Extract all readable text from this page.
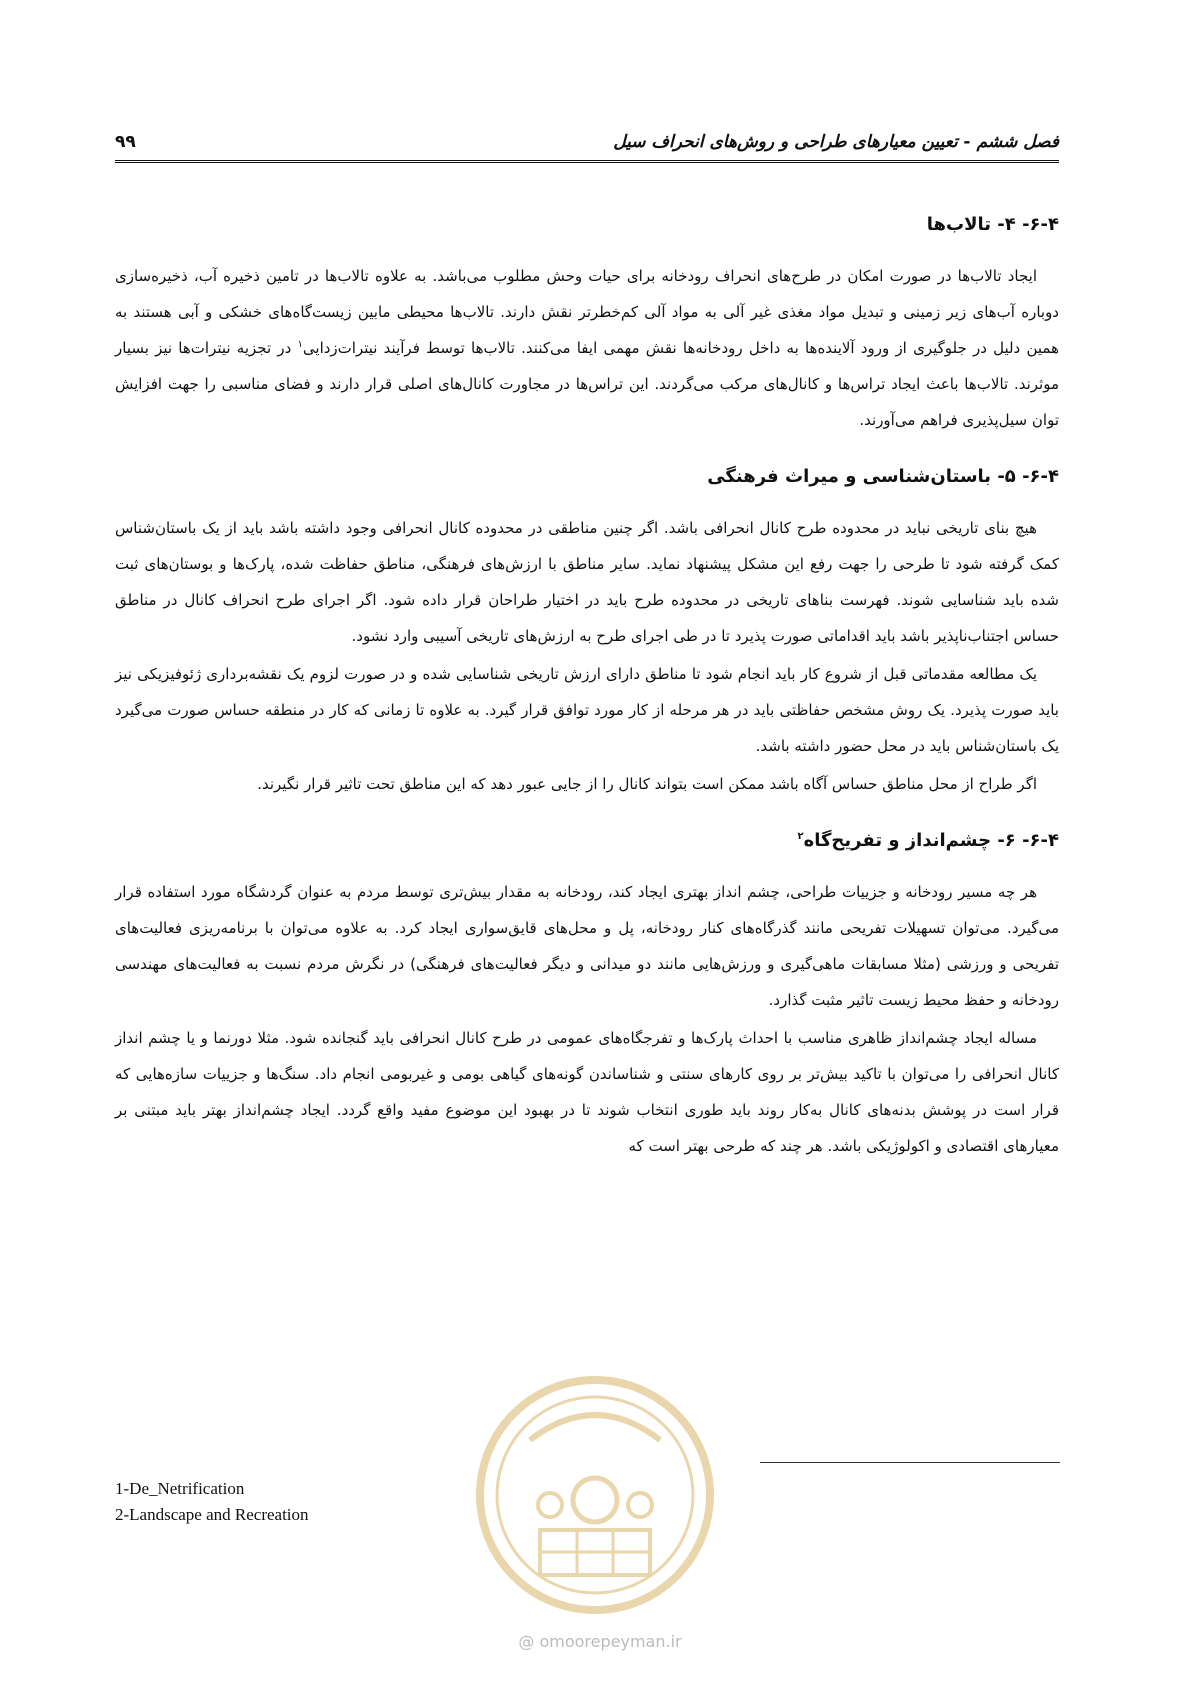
فصل ششم - تعیین معیارهای طراحی و روش‌های انحراف سیل
۹۹
۶-۴- ۴- تالاب‌ها

ایجاد تالاب‌ها در صورت امکان در طرح‌های انحراف رودخانه برای حیات وحش مطلوب می‌باشد. به علاوه تالاب‌ها در تامین ذخیره آب، ذخیره‌سازی دوباره آب‌های زیر زمینی و تبدیل مواد مغذی غیر آلی به مواد آلی کم‌خطرتر نقش دارند. تالاب‌ها محیطی مابین زیست‌گاه‌های خشکی و آبی هستند به همین دلیل در جلوگیری از ورود آلاینده‌ها به داخل رودخانه‌ها نقش مهمی ایفا می‌کنند. تالاب‌ها توسط فرآیند نیترات‌زدایی$^۱$ در تجزیه نیترات‌ها نیز بسیار موثرند. تالاب‌ها باعث ایجاد تراس‌ها و کانال‌های مرکب می‌گردند. این تراس‌ها در مجاورت کانال‌های اصلی قرار دارند و فضای مناسبی را جهت افزایش توان سیل‌پذیری فراهم می‌آورند.

۶-۴- ۵- باستان‌شناسی و میراث فرهنگی

هیچ بنای تاریخی نباید در محدوده طرح کانال انحرافی باشد. اگر چنین مناطقی در محدوده کانال انحرافی وجود داشته باشد باید از یک باستان‌شناس کمک گرفته شود تا طرحی را جهت رفع این مشکل پیشنهاد نماید. سایر مناطق با ارزش‌های فرهنگی، مناطق حفاظت شده، پارک‌ها و بوستان‌های ثبت شده باید شناسایی شوند. فهرست بناهای تاریخی در محدوده طرح باید در اختیار طراحان قرار داده شود. اگر اجرای طرح انحراف کانال در مناطق حساس اجتناب‌ناپذیر باشد باید اقداماتی صورت پذیرد تا در طی اجرای طرح به ارزش‌های تاریخی آسیبی وارد نشود.

یک مطالعه مقدماتی قبل از شروع کار باید انجام شود تا مناطق دارای ارزش تاریخی شناسایی شده و در صورت لزوم یک نقشه‌برداری ژئوفیزیکی نیز باید صورت پذیرد. یک روش مشخص حفاظتی باید در هر مرحله از کار مورد توافق قرار گیرد. به علاوه تا زمانی که کار در منطقه حساس صورت می‌گیرد یک باستان‌شناس باید در محل حضور داشته باشد.

اگر طراح از محل مناطق حساس آگاه باشد ممکن است بتواند کانال را از جایی عبور دهد که این مناطق تحت تاثیر قرار نگیرند.

۶-۴- ۶- چشم‌انداز و تفریح‌گاه$^۲$

هر چه مسیر رودخانه و جزییات طراحی، چشم انداز بهتری ایجاد کند، رودخانه به مقدار بیش‌تری توسط مردم به عنوان گردشگاه مورد استفاده قرار می‌گیرد. می‌توان تسهیلات تفریحی مانند گذرگاه‌های کنار رودخانه، پل و محل‌های قایق‌سواری ایجاد کرد. به علاوه می‌توان با برنامه‌ریزی فعالیت‌های تفریحی و ورزشی (مثلا مسابقات ماهی‌گیری و ورزش‌هایی مانند دو میدانی و دیگر فعالیت‌های فرهنگی) در نگرش مردم نسبت به فعالیت‌های مهندسی رودخانه و حفظ محیط زیست تاثیر مثبت گذارد.

مساله ایجاد چشم‌انداز ظاهری مناسب با احداث پارک‌ها و تفرجگاه‌های عمومی در طرح کانال انحرافی باید گنجانده شود. مثلا دورنما و یا چشم انداز کانال انحرافی را می‌توان با تاکید بیش‌تر بر روی کارهای سنتی و شناساندن گونه‌های گیاهی بومی و غیربومی انجام داد. سنگ‌ها و جزییات سازه‌هایی که قرار است در پوشش بدنه‌های کانال به‌کار روند باید طوری انتخاب شوند تا در بهبود این موضوع مفید واقع گردد. ایجاد چشم‌انداز بهتر باید مبتنی بر معیارهای اقتصادی و اکولوژیکی باشد. هر چند که طرحی بهتر است که

1-De_Netrification
2-Landscape and Recreation
@ omoorepeyman.ir
